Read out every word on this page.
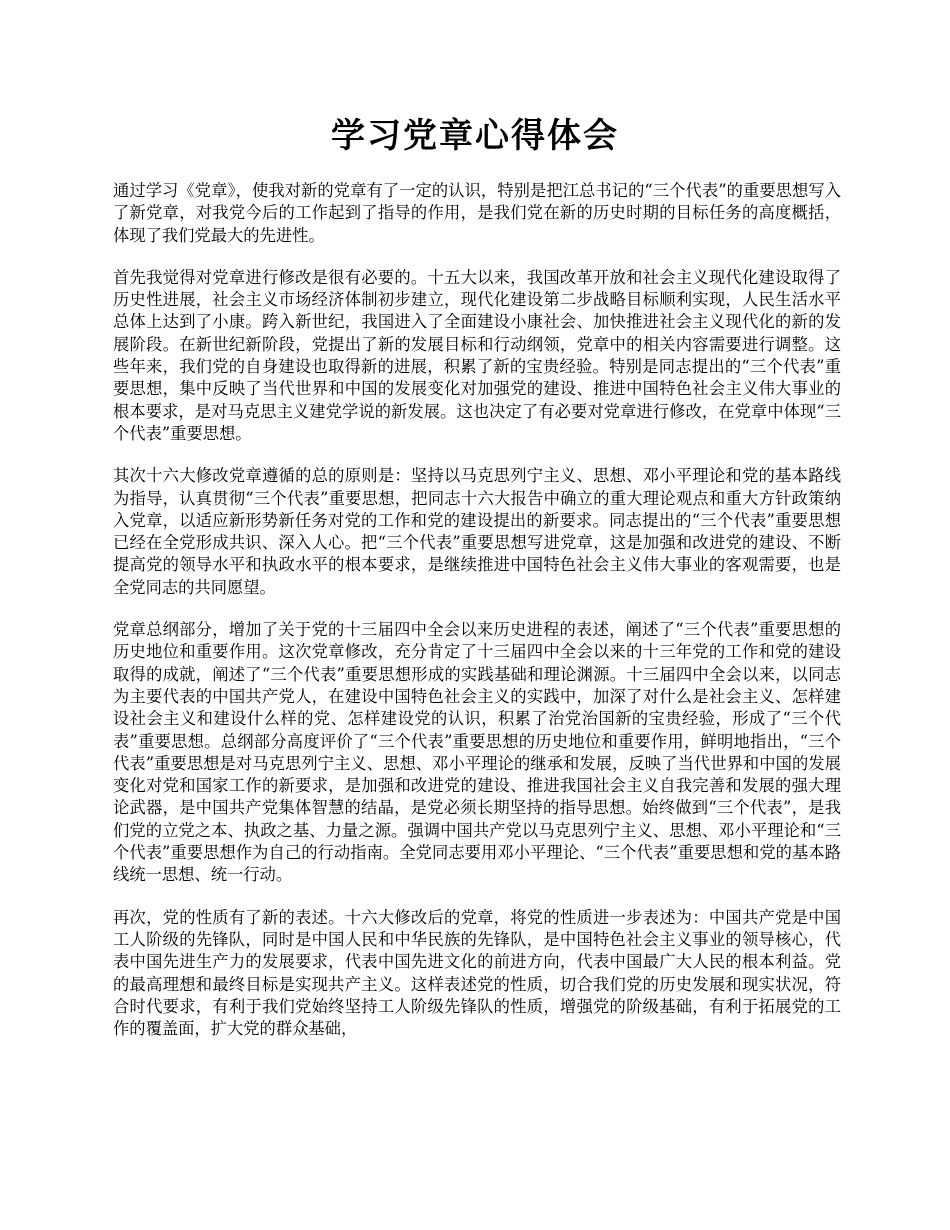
学习党章心得体会

通过学习《党章》，使我对新的党章有了一定的认识，特别是把江总书记的“三个代表”的重要思想写入了新党章，对我党今后的工作起到了指导的作用，是我们党在新的历史时期的目标任务的高度概括，体现了我们党最大的先进性。

首先我觉得对党章进行修改是很有必要的。十五大以来，我国改革开放和社会主义现代化建设取得了历史性进展，社会主义市场经济体制初步建立，现代化建设第二步战略目标顺利实现，人民生活水平总体上达到了小康。跨入新世纪，我国进入了全面建设小康社会、加快推进社会主义现代化的新的发展阶段。在新世纪新阶段，党提出了新的发展目标和行动纲领，党章中的相关内容需要进行调整。这些年来，我们党的自身建设也取得新的进展，积累了新的宝贵经验。特别是同志提出的“三个代表”重要思想，集中反映了当代世界和中国的发展变化对加强党的建设、推进中国特色社会主义伟大事业的根本要求，是对马克思主义建党学说的新发展。这也决定了有必要对党章进行修改，在党章中体现“三个代表”重要思想。

其次十六大修改党章遵循的总的原则是：坚持以马克思列宁主义、思想、邓小平理论和党的基本路线为指导，认真贯彻“三个代表”重要思想，把同志十六大报告中确立的重大理论观点和重大方针政策纳入党章，以适应新形势新任务对党的工作和党的建设提出的新要求。同志提出的“三个代表”重要思想已经在全党形成共识、深入人心。把“三个代表”重要思想写进党章，这是加强和改进党的建设、不断提高党的领导水平和执政水平的根本要求，是继续推进中国特色社会主义伟大事业的客观需要，也是全党同志的共同愿望。

党章总纲部分，增加了关于党的十三届四中全会以来历史进程的表述，阐述了“三个代表”重要思想的历史地位和重要作用。这次党章修改，充分肯定了十三届四中全会以来的十三年党的工作和党的建设取得的成就，阐述了“三个代表”重要思想形成的实践基础和理论渊源。十三届四中全会以来，以同志为主要代表的中国共产党人，在建设中国特色社会主义的实践中，加深了对什么是社会主义、怎样建设社会主义和建设什么样的党、怎样建设党的认识，积累了治党治国新的宝贵经验，形成了“三个代表”重要思想。总纲部分高度评价了“三个代表”重要思想的历史地位和重要作用，鲜明地指出，“三个代表”重要思想是对马克思列宁主义、思想、邓小平理论的继承和发展，反映了当代世界和中国的发展变化对党和国家工作的新要求，是加强和改进党的建设、推进我国社会主义自我完善和发展的强大理论武器，是中国共产党集体智慧的结晶，是党必须长期坚持的指导思想。始终做到“三个代表”，是我们党的立党之本、执政之基、力量之源。强调中国共产党以马克思列宁主义、思想、邓小平理论和“三个代表”重要思想作为自己的行动指南。全党同志要用邓小平理论、“三个代表”重要思想和党的基本路线统一思想、统一行动。

再次，党的性质有了新的表述。十六大修改后的党章，将党的性质进一步表述为：中国共产党是中国工人阶级的先锋队，同时是中国人民和中华民族的先锋队，是中国特色社会主义事业的领导核心，代表中国先进生产力的发展要求，代表中国先进文化的前进方向，代表中国最广大人民的根本利益。党的最高理想和最终目标是实现共产主义。这样表述党的性质，切合我们党的历史发展和现实状况，符合时代要求，有利于我们党始终坚持工人阶级先锋队的性质，增强党的阶级基础，有利于拓展党的工作的覆盖面，扩大党的群众基础，
